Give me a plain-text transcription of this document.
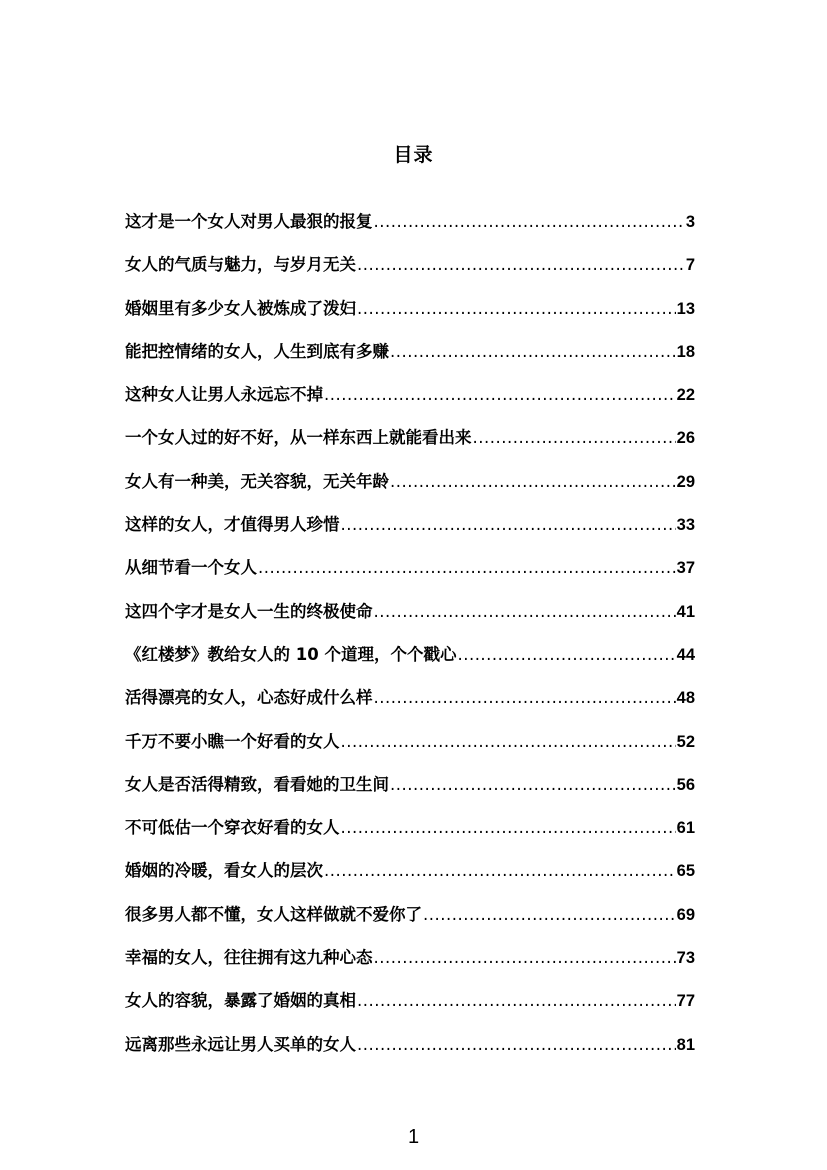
目录
这才是一个女人对男人最狠的报复 .....	3
女人的气质与魅力，与岁月无关 .....	7
婚姻里有多少女人被炼成了泼妇 .....	13
能把控情绪的女人，人生到底有多赚 .....	18
这种女人让男人永远忘不掉 .....	22
一个女人过的好不好，从一样东西上就能看出来 .....	26
女人有一种美，无关容貌，无关年龄 .....	29
这样的女人，才值得男人珍惜 .....	33
从细节看一个女人 .....	37
这四个字才是女人一生的终极使命 .....	41
《红楼梦》教给女人的 10 个道理，个个戳心 .....	44
活得漂亮的女人，心态好成什么样 .....	48
千万不要小瞧一个好看的女人 .....	52
女人是否活得精致，看看她的卫生间 .....	56
不可低估一个穿衣好看的女人 .....	61
婚姻的冷暖，看女人的层次 .....	65
很多男人都不懂，女人这样做就不爱你了 .....	69
幸福的女人，往往拥有这九种心态 .....	73
女人的容貌，暴露了婚姻的真相 .....	77
远离那些永远让男人买单的女人 .....	81
1
